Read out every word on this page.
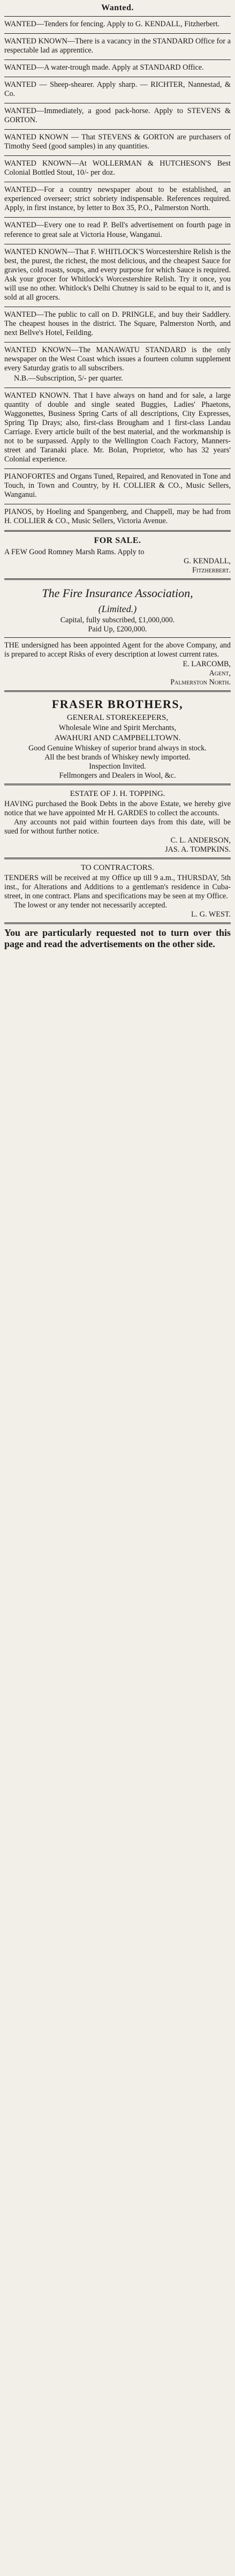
Wanted.

WANTED—Tenders for fencing. Apply to G. KENDALL, Fitzherbert.

WANTED KNOWN—There is a vacancy in the STANDARD Office for a respectable lad as apprentice.

WANTED—A water-trough made. Apply at STANDARD Office.

WANTED — Sheep-shearer. Apply sharp. — RICHTER, Nannestad, & Co.

WANTED—Immediately, a good pack-horse. Apply to STEVENS & GORTON.

WANTED KNOWN — That STEVENS & GORTON are purchasers of Timothy Seed (good samples) in any quantities.

WANTED KNOWN—At WOLLERMAN & HUTCHESON'S Best Colonial Bottled Stout, 10/- per doz.

WANTED—For a country newspaper about to be established, an experienced overseer; strict sobriety indispensable. References required. Apply, in first instance, by letter to Box 35, P.O., Palmerston North.

WANTED—Every one to read P. Bell's advertisement on fourth page in reference to great sale at Victoria House, Wanganui.

WANTED KNOWN—That F. WHITLOCK'S Worcestershire Relish is the best, the purest, the richest, the most delicious, and the cheapest Sauce for gravies, cold roasts, soups, and every purpose for which Sauce is required. Ask your grocer for Whitlock's Worcestershire Relish. Try it once, you will use no other. Whitlock's Delhi Chutney is said to be equal to it, and is sold at all grocers.

WANTED—The public to call on D. PRINGLE, and buy their Saddlery. The cheapest houses in the district. The Square, Palmerston North, and next Bellve's Hotel, Feilding.

WANTED KNOWN—The MANAWATU STANDARD is the only newspaper on the West Coast which issues a fourteen column supplement every Saturday gratis to all subscribers.

N.B.—Subscription, 5/- per quarter.

WANTED KNOWN. That I have always on hand and for sale, a large quantity of double and single seated Buggies, Ladies' Phaetons, Waggonettes, Business Spring Carts of all descriptions, City Expresses, Spring Tip Drays; also, first-class Brougham and 1 first-class Landau Carriage. Every article built of the best material, and the workmanship is not to be surpassed. Apply to the Wellington Coach Factory, Manners-street and Taranaki place. Mr. Bolan, Proprietor, who has 32 years' Colonial experience.

PIANOFORTES and Organs Tuned, Repaired, and Renovated in Tone and Touch, in Town and Country, by H. COLLIER & CO., Music Sellers, Wanganui.

PIANOS, by Hoeling and Spangenberg, and Chappell, may be had from H. COLLIER & CO., Music Sellers, Victoria Avenue.

FOR SALE.

A FEW Good Romney Marsh Rams. Apply to

G. KENDALL,

Fitzherbert.

The Fire Insurance Association,
(Limited.)
Capital, fully subscribed, £1,000,000.
Paid Up, £200,000.

THE undersigned has been appointed Agent for the above Company, and is prepared to accept Risks of every description at lowest current rates.

E. LARCOMB,

Agent,

Palmerston North.

FRASER BROTHERS,
GENERAL STOREKEEPERS,
Wholesale Wine and Spirit Merchants,
AWAHURI AND CAMPBELLTOWN.
Good Genuine Whiskey of superior brand always in stock.
All the best brands of Whiskey newly imported.
Inspection Invited.
Fellmongers and Dealers in Wool, &c.
ESTATE OF J. H. TOPPING.

HAVING purchased the Book Debts in the above Estate, we hereby give notice that we have appointed Mr H. GARDES to collect the accounts.

Any accounts not paid within fourteen days from this date, will be sued for without further notice.

C. L. ANDERSON,

JAS. A. TOMPKINS.

TO CONTRACTORS.

TENDERS will be received at my Office up till 9 a.m., THURSDAY, 5th inst., for Alterations and Additions to a gentleman's residence in Cuba-street, in one contract. Plans and specifications may be seen at my Office.

The lowest or any tender not necessarily accepted.

L. G. WEST.

You are particularly requested not to turn over this page and read the advertisements on the other side.
